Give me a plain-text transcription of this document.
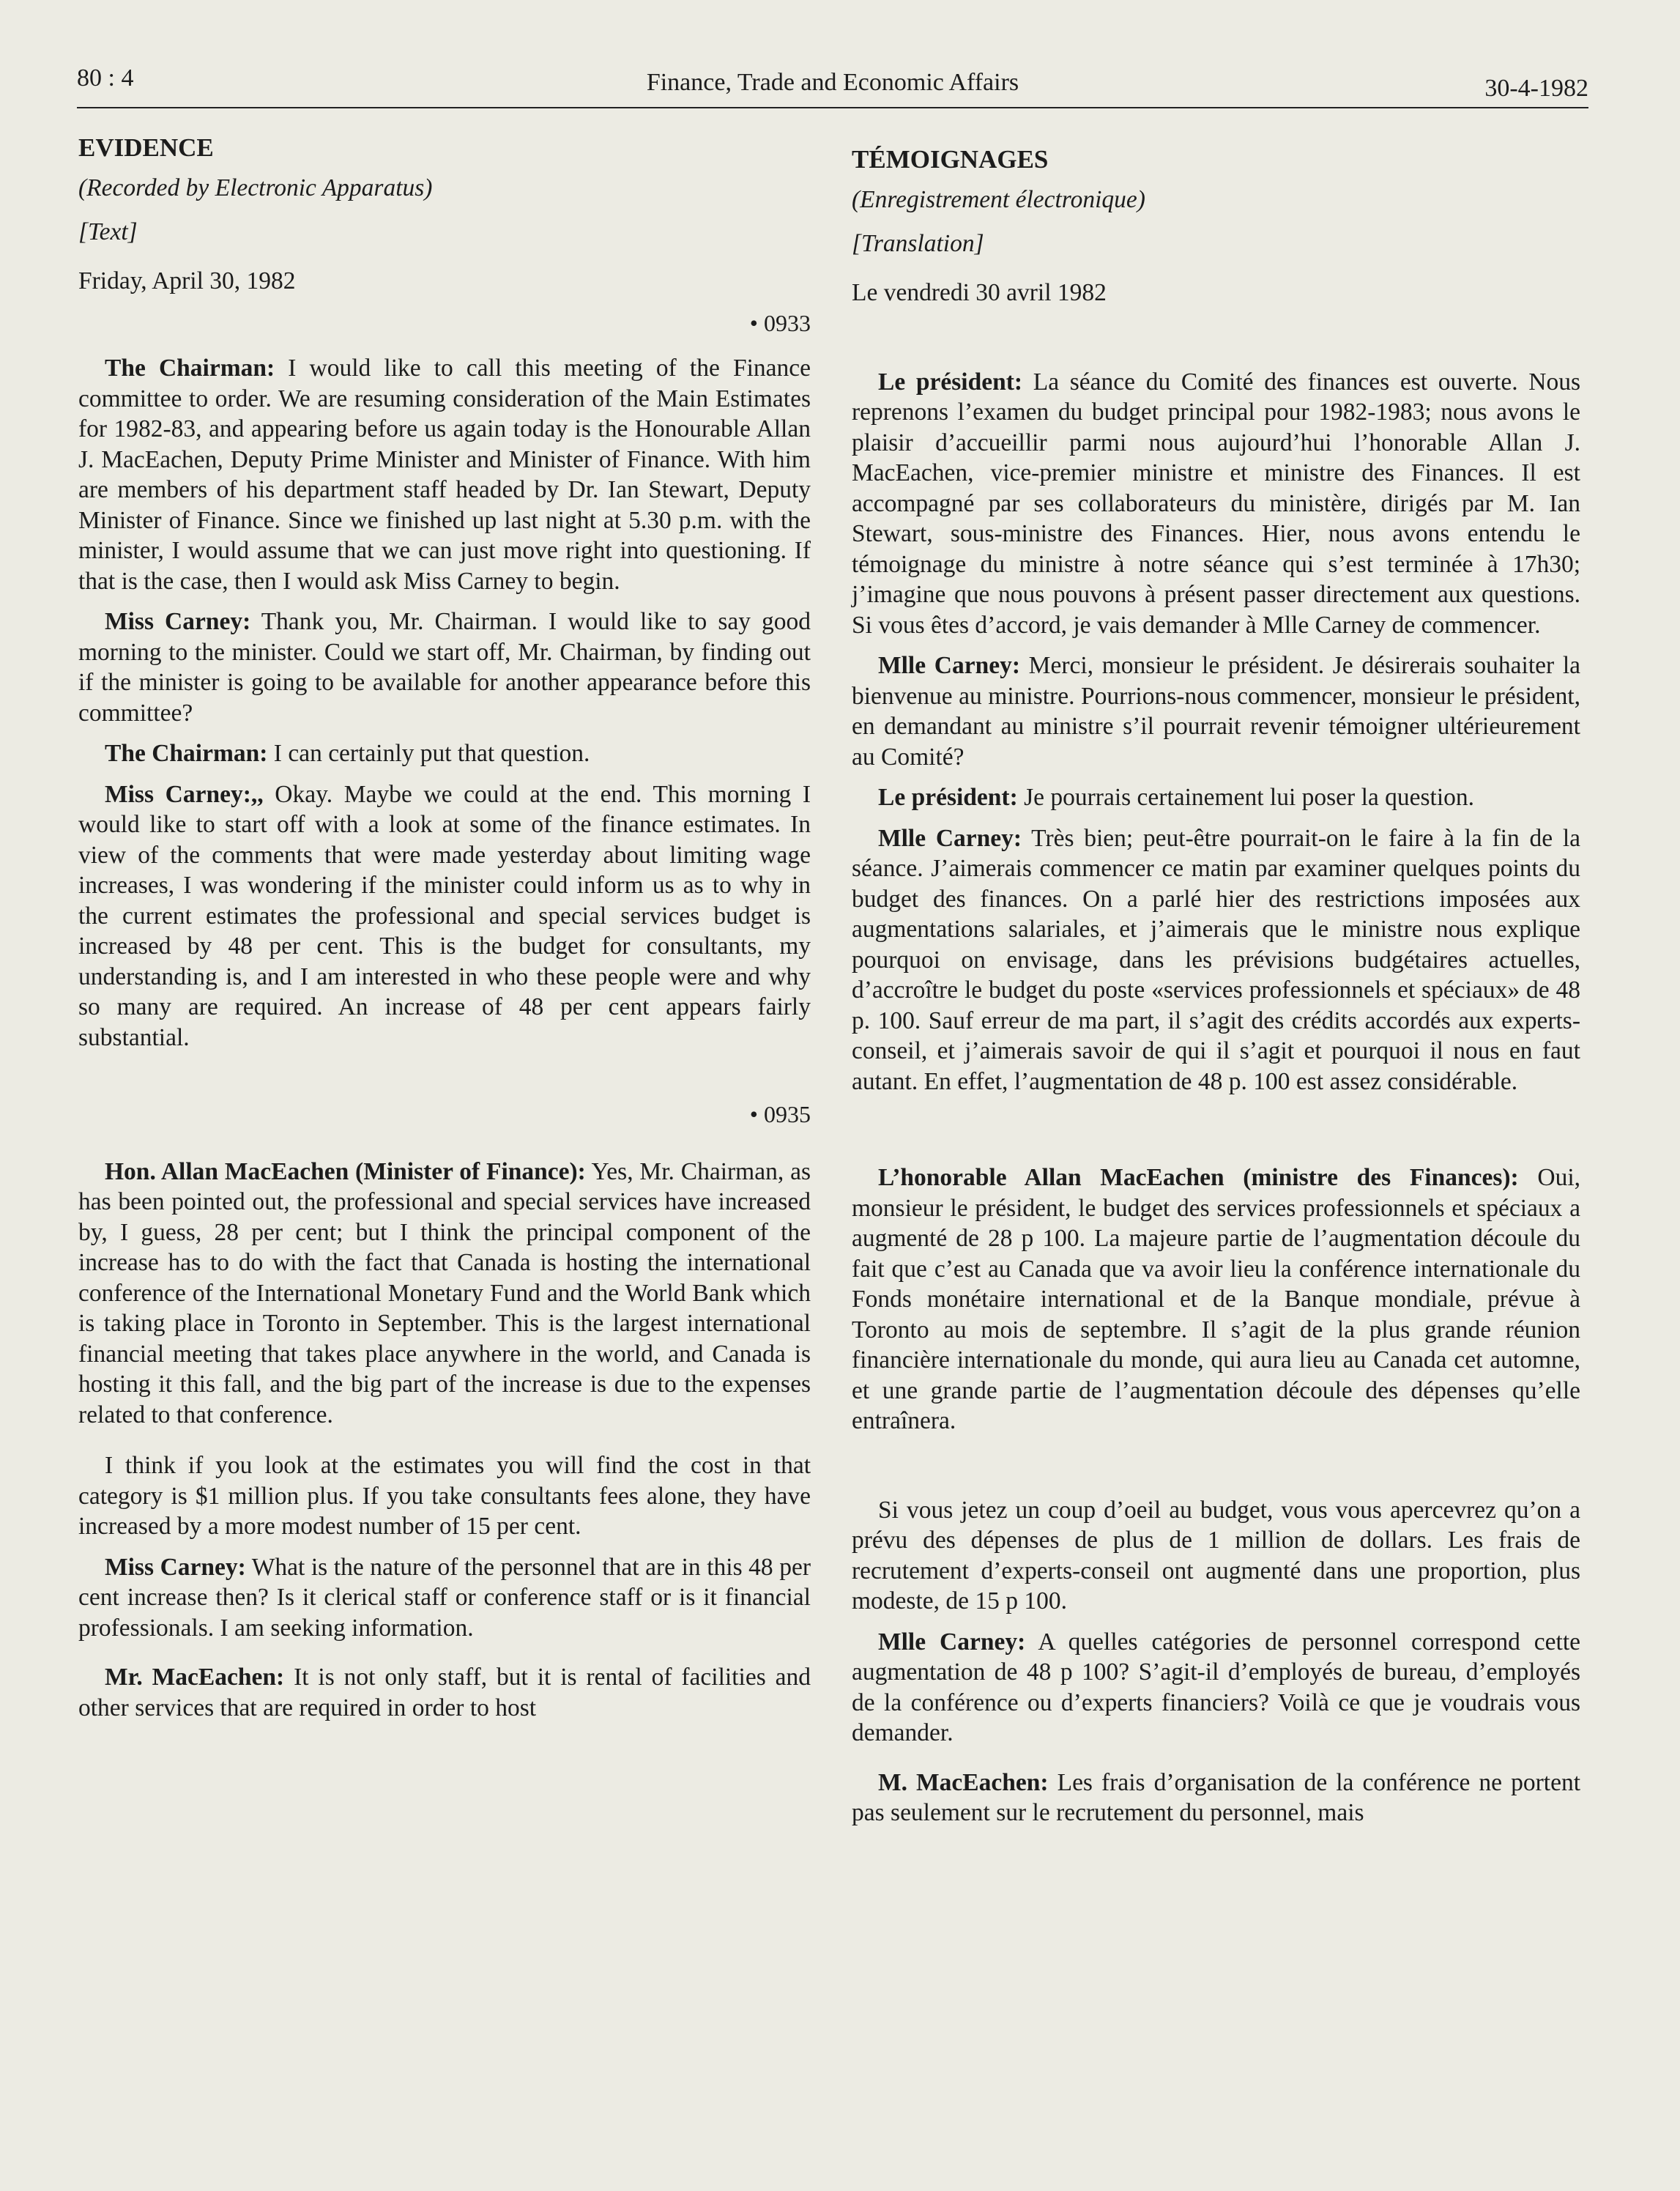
80 : 4	Finance, Trade and Economic Affairs	30-4-1982
EVIDENCE
(Recorded by Electronic Apparatus)
[Text]
Friday, April 30, 1982
• 0933

The Chairman: I would like to call this meeting of the Finance committee to order. We are resuming consideration of the Main Estimates for 1982-83, and appearing before us again today is the Honourable Allan J. MacEachen, Deputy Prime Minister and Minister of Finance. With him are members of his department staff headed by Dr. Ian Stewart, Deputy Minister of Finance. Since we finished up last night at 5.30 p.m. with the minister, I would assume that we can just move right into questioning. If that is the case, then I would ask Miss Carney to begin.

Miss Carney: Thank you, Mr. Chairman. I would like to say good morning to the minister. Could we start off, Mr. Chairman, by finding out if the minister is going to be available for another appearance before this committee?

The Chairman: I can certainly put that question.

Miss Carney:,, Okay. Maybe we could at the end. This morning I would like to start off with a look at some of the finance estimates. In view of the comments that were made yesterday about limiting wage increases, I was wondering if the minister could inform us as to why in the current estimates the professional and special services budget is increased by 48 per cent. This is the budget for consultants, my understanding is, and I am interested in who these people were and why so many are required. An increase of 48 per cent appears fairly substantial.

• 0935

Hon. Allan MacEachen (Minister of Finance): Yes, Mr. Chairman, as has been pointed out, the professional and special services have increased by, I guess, 28 per cent; but I think the principal component of the increase has to do with the fact that Canada is hosting the international conference of the International Monetary Fund and the World Bank which is taking place in Toronto in September. This is the largest international financial meeting that takes place anywhere in the world, and Canada is hosting it this fall, and the big part of the increase is due to the expenses related to that conference.

I think if you look at the estimates you will find the cost in that category is $1 million plus. If you take consultants fees alone, they have increased by a more modest number of 15 per cent.

Miss Carney: What is the nature of the personnel that are in this 48 per cent increase then? Is it clerical staff or conference staff or is it financial professionals. I am seeking information.

Mr. MacEachen: It is not only staff, but it is rental of facilities and other services that are required in order to host

TÉMOIGNAGES
(Enregistrement électronique)
[Translation]
Le vendredi 30 avril 1982

Le président: La séance du Comité des finances est ouverte. Nous reprenons l’examen du budget principal pour 1982-1983; nous avons le plaisir d’accueillir parmi nous aujourd’hui l’honorable Allan J. MacEachen, vice-premier ministre et ministre des Finances. Il est accompagné par ses collaborateurs du ministère, dirigés par M. Ian Stewart, sous-ministre des Finances. Hier, nous avons entendu le témoignage du ministre à notre séance qui s’est terminée à 17h30; j’imagine que nous pouvons à présent passer directement aux questions. Si vous êtes d’accord, je vais demander à Mlle Carney de commencer.

Mlle Carney: Merci, monsieur le président. Je désirerais souhaiter la bienvenue au ministre. Pourrions-nous commencer, monsieur le président, en demandant au ministre s’il pourrait revenir témoigner ultérieurement au Comité?

Le président: Je pourrais certainement lui poser la question.

Mlle Carney: Très bien; peut-être pourrait-on le faire à la fin de la séance. J’aimerais commencer ce matin par examiner quelques points du budget des finances. On a parlé hier des restrictions imposées aux augmentations salariales, et j’aimerais que le ministre nous explique pourquoi on envisage, dans les prévisions budgétaires actuelles, d’accroître le budget du poste «services professionnels et spéciaux» de 48 p. 100. Sauf erreur de ma part, il s’agit des crédits accordés aux experts-conseil, et j’aimerais savoir de qui il s’agit et pourquoi il nous en faut autant. En effet, l’augmentation de 48 p. 100 est assez considérable.

L’honorable Allan MacEachen (ministre des Finances): Oui, monsieur le président, le budget des services professionnels et spéciaux a augmenté de 28 p 100. La majeure partie de l’augmentation découle du fait que c’est au Canada que va avoir lieu la conférence internationale du Fonds monétaire international et de la Banque mondiale, prévue à Toronto au mois de septembre. Il s’agit de la plus grande réunion financière internationale du monde, qui aura lieu au Canada cet automne, et une grande partie de l’augmentation découle des dépenses qu’elle entraînera.

Si vous jetez un coup d’oeil au budget, vous vous apercevrez qu’on a prévu des dépenses de plus de 1 million de dollars. Les frais de recrutement d’experts-conseil ont augmenté dans une proportion, plus modeste, de 15 p 100.

Mlle Carney: A quelles catégories de personnel correspond cette augmentation de 48 p 100? S’agit-il d’employés de bureau, d’employés de la conférence ou d’experts financiers? Voilà ce que je voudrais vous demander.

M. MacEachen: Les frais d’organisation de la conférence ne portent pas seulement sur le recrutement du personnel, mais
